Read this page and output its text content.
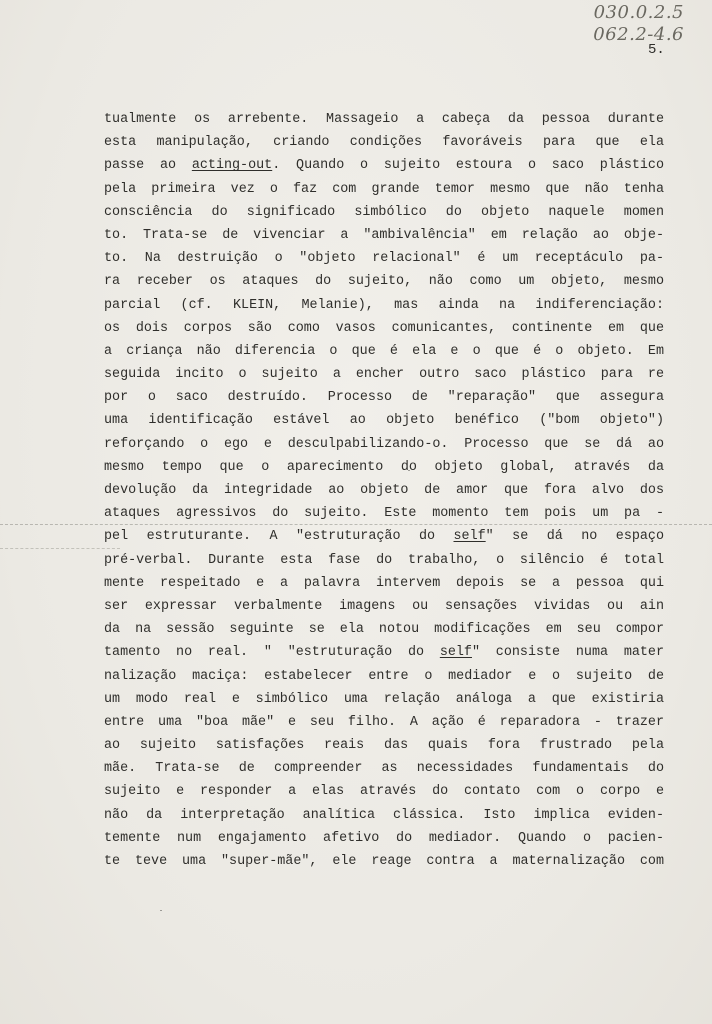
030.0.2.5
062.2-4.6
5.
tualmente os arrebente. Massageio a cabeça da pessoa durante
esta manipulação, criando condições favoráveis para que ela
passe ao acting-out. Quando o sujeito estoura o saco plástico
pela primeira vez o faz com grande temor mesmo que não tenha
consciência do significado simbólico do objeto naquele momen
to. Trata-se de vivenciar a "ambivalência" em relação ao obje-
to. Na destruição o "objeto relacional" é um receptáculo pa-
ra receber os ataques do sujeito, não como um objeto, mesmo
parcial (cf. KLEIN, Melanie), mas ainda na indiferenciação:
os dois corpos são como vasos comunicantes, continente em que
a criança não diferencia o que é ela e o que é o objeto. Em
seguida incito o sujeito a encher outro saco plástico para re
por o saco destruído. Processo de "reparação" que assegura
uma identificação estável ao objeto benéfico ("bom objeto")
reforçando o ego e desculpabilizando-o. Processo que se dá ao
mesmo tempo que o aparecimento do objeto global, através da
devolução da integridade ao objeto de amor que fora alvo dos
ataques agressivos do sujeito. Este momento tem pois um pa -
pel estruturante. A "estruturação do self" se dá no espaço
pré-verbal. Durante esta fase do trabalho, o silêncio é total
mente respeitado e a palavra intervem depois se a pessoa qui
ser expressar verbalmente imagens ou sensações vividas ou ain
da na sessão seguinte se ela notou modificações em seu compor
tamento no real. " "estruturação do self" consiste numa mater
nalização maciça: estabelecer entre o mediador e o sujeito de
um modo real e simbólico uma relação análoga a que existiria
entre uma "boa mãe" e seu filho. A ação é reparadora - trazer
ao sujeito satisfações reais das quais fora frustrado pela
mãe. Trata-se de compreender as necessidades fundamentais do
sujeito e responder a elas através do contato com o corpo e
não da interpretação analítica clássica. Isto implica eviden-
temente num engajamento afetivo do mediador. Quando o pacien-
te teve uma "super-mãe", ele reage contra a maternalização com
